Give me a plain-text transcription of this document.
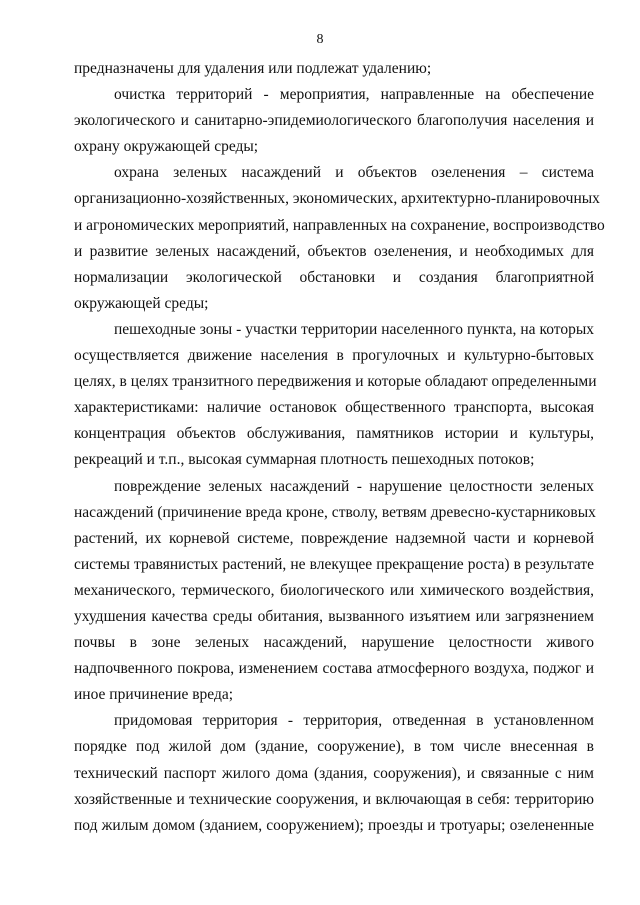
8
предназначены для удаления или подлежат удалению;
очистка территорий - мероприятия, направленные на обеспечение
экологического и санитарно-эпидемиологического благополучия населения и
охрану окружающей среды;
охрана зеленых насаждений и объектов озеленения – система
организационно-хозяйственных, экономических, архитектурно-планировочных
и агрономических мероприятий, направленных на сохранение, воспроизводство
и развитие зеленых насаждений, объектов озеленения, и необходимых для
нормализации экологической обстановки и создания благоприятной
окружающей среды;
пешеходные зоны - участки территории населенного пункта, на которых
осуществляется движение населения в прогулочных и культурно-бытовых
целях, в целях транзитного передвижения и которые обладают определенными
характеристиками: наличие остановок общественного транспорта, высокая
концентрация объектов обслуживания, памятников истории и культуры,
рекреаций и т.п., высокая суммарная плотность пешеходных потоков;
повреждение зеленых насаждений - нарушение целостности зеленых
насаждений (причинение вреда кроне, стволу, ветвям древесно-кустарниковых
растений, их корневой системе, повреждение надземной части и корневой
системы травянистых растений, не влекущее прекращение роста) в результате
механического, термического, биологического или химического воздействия,
ухудшения качества среды обитания, вызванного изъятием или загрязнением
почвы в зоне зеленых насаждений, нарушение целостности живого
надпочвенного покрова, изменением состава атмосферного воздуха, поджог и
иное причинение вреда;
придомовая территория - территория, отведенная в установленном
порядке под жилой дом (здание, сооружение), в том числе внесенная в
технический паспорт жилого дома (здания, сооружения), и связанные с ним
хозяйственные и технические сооружения, и включающая в себя: территорию
под жилым домом (зданием, сооружением); проезды и тротуары; озелененные
